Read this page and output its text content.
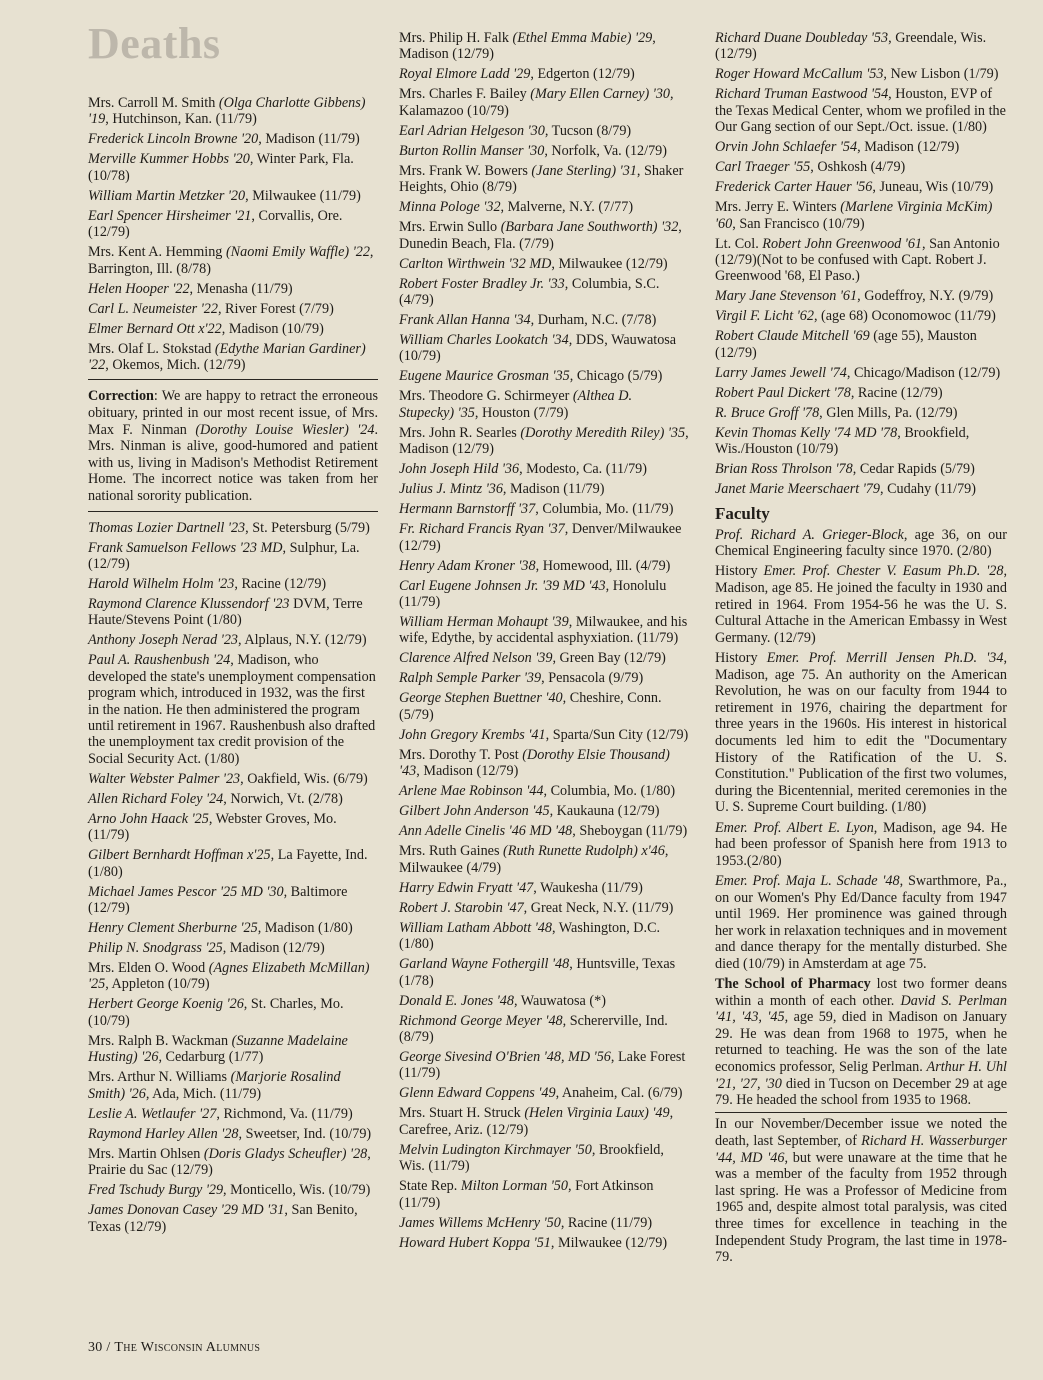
Deaths

Mrs. Carroll M. Smith (Olga Charlotte Gibbens) '19, Hutchinson, Kan. (11/79)

Frederick Lincoln Browne '20, Madison (11/79)

Merville Kummer Hobbs '20, Winter Park, Fla. (10/78)

William Martin Metzker '20, Milwaukee (11/79)

Earl Spencer Hirsheimer '21, Corvallis, Ore. (12/79)

Mrs. Kent A. Hemming (Naomi Emily Waffle) '22, Barrington, Ill. (8/78)

Helen Hooper '22, Menasha (11/79)

Carl L. Neumeister '22, River Forest (7/79)

Elmer Bernard Ott x'22, Madison (10/79)

Mrs. Olaf L. Stokstad (Edythe Marian Gardiner) '22, Okemos, Mich. (12/79)

Correction: We are happy to retract the erroneous obituary, printed in our most recent issue, of Mrs. Max F. Ninman (Dorothy Louise Wiesler) '24. Mrs. Ninman is alive, good-humored and patient with us, living in Madison's Methodist Retirement Home. The incorrect notice was taken from her national sorority publication.

Thomas Lozier Dartnell '23, St. Petersburg (5/79)

Frank Samuelson Fellows '23 MD, Sulphur, La. (12/79)

Harold Wilhelm Holm '23, Racine (12/79)

Raymond Clarence Klussendorf '23 DVM, Terre Haute/Stevens Point (1/80)

Anthony Joseph Nerad '23, Alplaus, N.Y. (12/79)

Paul A. Raushenbush '24, Madison, who developed the state's unemployment compensation program which, introduced in 1932, was the first in the nation. He then administered the program until retirement in 1967. Raushenbush also drafted the unemployment tax credit provision of the Social Security Act. (1/80)

Walter Webster Palmer '23, Oakfield, Wis. (6/79)

Allen Richard Foley '24, Norwich, Vt. (2/78)

Arno John Haack '25, Webster Groves, Mo. (11/79)

Gilbert Bernhardt Hoffman x'25, La Fayette, Ind. (1/80)

Michael James Pescor '25 MD '30, Baltimore (12/79)

Henry Clement Sherburne '25, Madison (1/80)

Philip N. Snodgrass '25, Madison (12/79)

Mrs. Elden O. Wood (Agnes Elizabeth McMillan) '25, Appleton (10/79)

Herbert George Koenig '26, St. Charles, Mo. (10/79)

Mrs. Ralph B. Wackman (Suzanne Madelaine Husting) '26, Cedarburg (1/77)

Mrs. Arthur N. Williams (Marjorie Rosalind Smith) '26, Ada, Mich. (11/79)

Leslie A. Wetlaufer '27, Richmond, Va. (11/79)

Raymond Harley Allen '28, Sweetser, Ind. (10/79)

Mrs. Martin Ohlsen (Doris Gladys Scheufler) '28, Prairie du Sac (12/79)

Fred Tschudy Burgy '29, Monticello, Wis. (10/79)

James Donovan Casey '29 MD '31, San Benito, Texas (12/79)

Mrs. Philip H. Falk (Ethel Emma Mabie) '29, Madison (12/79)

Royal Elmore Ladd '29, Edgerton (12/79)

Mrs. Charles F. Bailey (Mary Ellen Carney) '30, Kalamazoo (10/79)

Earl Adrian Helgeson '30, Tucson (8/79)

Burton Rollin Manser '30, Norfolk, Va. (12/79)

Mrs. Frank W. Bowers (Jane Sterling) '31, Shaker Heights, Ohio (8/79)

Minna Pologe '32, Malverne, N.Y. (7/77)

Mrs. Erwin Sullo (Barbara Jane Southworth) '32, Dunedin Beach, Fla. (7/79)

Carlton Wirthwein '32 MD, Milwaukee (12/79)

Robert Foster Bradley Jr. '33, Columbia, S.C. (4/79)

Frank Allan Hanna '34, Durham, N.C. (7/78)

William Charles Lookatch '34, DDS, Wauwatosa (10/79)

Eugene Maurice Grosman '35, Chicago (5/79)

Mrs. Theodore G. Schirmeyer (Althea D. Stupecky) '35, Houston (7/79)

Mrs. John R. Searles (Dorothy Meredith Riley) '35, Madison (12/79)

John Joseph Hild '36, Modesto, Ca. (11/79)

Julius J. Mintz '36, Madison (11/79)

Hermann Barnstorff '37, Columbia, Mo. (11/79)

Fr. Richard Francis Ryan '37, Denver/Milwaukee (12/79)

Henry Adam Kroner '38, Homewood, Ill. (4/79)

Carl Eugene Johnsen Jr. '39 MD '43, Honolulu (11/79)

William Herman Mohaupt '39, Milwaukee, and his wife, Edythe, by accidental asphyxiation. (11/79)

Clarence Alfred Nelson '39, Green Bay (12/79)

Ralph Semple Parker '39, Pensacola (9/79)

George Stephen Buettner '40, Cheshire, Conn. (5/79)

John Gregory Krembs '41, Sparta/Sun City (12/79)

Mrs. Dorothy T. Post (Dorothy Elsie Thousand) '43, Madison (12/79)

Arlene Mae Robinson '44, Columbia, Mo. (1/80)

Gilbert John Anderson '45, Kaukauna (12/79)

Ann Adelle Cinelis '46 MD '48, Sheboygan (11/79)

Mrs. Ruth Gaines (Ruth Runette Rudolph) x'46, Milwaukee (4/79)

Harry Edwin Fryatt '47, Waukesha (11/79)

Robert J. Starobin '47, Great Neck, N.Y. (11/79)

William Latham Abbott '48, Washington, D.C. (1/80)

Garland Wayne Fothergill '48, Huntsville, Texas (1/78)

Donald E. Jones '48, Wauwatosa (*)

Richmond George Meyer '48, Schererville, Ind. (8/79)

George Sivesind O'Brien '48, MD '56, Lake Forest (11/79)

Glenn Edward Coppens '49, Anaheim, Cal. (6/79)

Mrs. Stuart H. Struck (Helen Virginia Laux) '49, Carefree, Ariz. (12/79)

Melvin Ludington Kirchmayer '50, Brookfield, Wis. (11/79)

State Rep. Milton Lorman '50, Fort Atkinson (11/79)

James Willems McHenry '50, Racine (11/79)

Howard Hubert Koppa '51, Milwaukee (12/79)

Richard Duane Doubleday '53, Greendale, Wis. (12/79)

Roger Howard McCallum '53, New Lisbon (1/79)

Richard Truman Eastwood '54, Houston, EVP of the Texas Medical Center, whom we profiled in the Our Gang section of our Sept./Oct. issue. (1/80)

Orvin John Schlaefer '54, Madison (12/79)

Carl Traeger '55, Oshkosh (4/79)

Frederick Carter Hauer '56, Juneau, Wis (10/79)

Mrs. Jerry E. Winters (Marlene Virginia McKim) '60, San Francisco (10/79)

Lt. Col. Robert John Greenwood '61, San Antonio (12/79)(Not to be confused with Capt. Robert J. Greenwood '68, El Paso.)

Mary Jane Stevenson '61, Godeffroy, N.Y. (9/79)

Virgil F. Licht '62, (age 68) Oconomowoc (11/79)

Robert Claude Mitchell '69 (age 55), Mauston (12/79)

Larry James Jewell '74, Chicago/Madison (12/79)

Robert Paul Dickert '78, Racine (12/79)

R. Bruce Groff '78, Glen Mills, Pa. (12/79)

Kevin Thomas Kelly '74 MD '78, Brookfield, Wis./Houston (10/79)

Brian Ross Throlson '78, Cedar Rapids (5/79)

Janet Marie Meerschaert '79, Cudahy (11/79)

Faculty

Prof. Richard A. Grieger-Block, age 36, on our Chemical Engineering faculty since 1970. (2/80)

History Emer. Prof. Chester V. Easum Ph.D. '28, Madison, age 85. He joined the faculty in 1930 and retired in 1964. From 1954-56 he was the U. S. Cultural Attache in the American Embassy in West Germany. (12/79)

History Emer. Prof. Merrill Jensen Ph.D. '34, Madison, age 75. An authority on the American Revolution, he was on our faculty from 1944 to retirement in 1976, chairing the department for three years in the 1960s. His interest in historical documents led him to edit the "Documentary History of the Ratification of the U. S. Constitution." Publication of the first two volumes, during the Bicentennial, merited ceremonies in the U. S. Supreme Court building. (1/80)

Emer. Prof. Albert E. Lyon, Madison, age 94. He had been professor of Spanish here from 1913 to 1953.(2/80)

Emer. Prof. Maja L. Schade '48, Swarthmore, Pa., on our Women's Phy Ed/Dance faculty from 1947 until 1969. Her prominence was gained through her work in relaxation techniques and in movement and dance therapy for the mentally disturbed. She died (10/79) in Amsterdam at age 75.

The School of Pharmacy lost two former deans within a month of each other. David S. Perlman '41, '43, '45, age 59, died in Madison on January 29. He was dean from 1968 to 1975, when he returned to teaching. He was the son of the late economics professor, Selig Perlman. Arthur H. Uhl '21, '27, '30 died in Tucson on December 29 at age 79. He headed the school from 1935 to 1968.

In our November/December issue we noted the death, last September, of Richard H. Wasserburger '44, MD '46, but were unaware at the time that he was a member of the faculty from 1952 through last spring. He was a Professor of Medicine from 1965 and, despite almost total paralysis, was cited three times for excellence in teaching in the Independent Study Program, the last time in 1978-79.

30 / The Wisconsin Alumnus
